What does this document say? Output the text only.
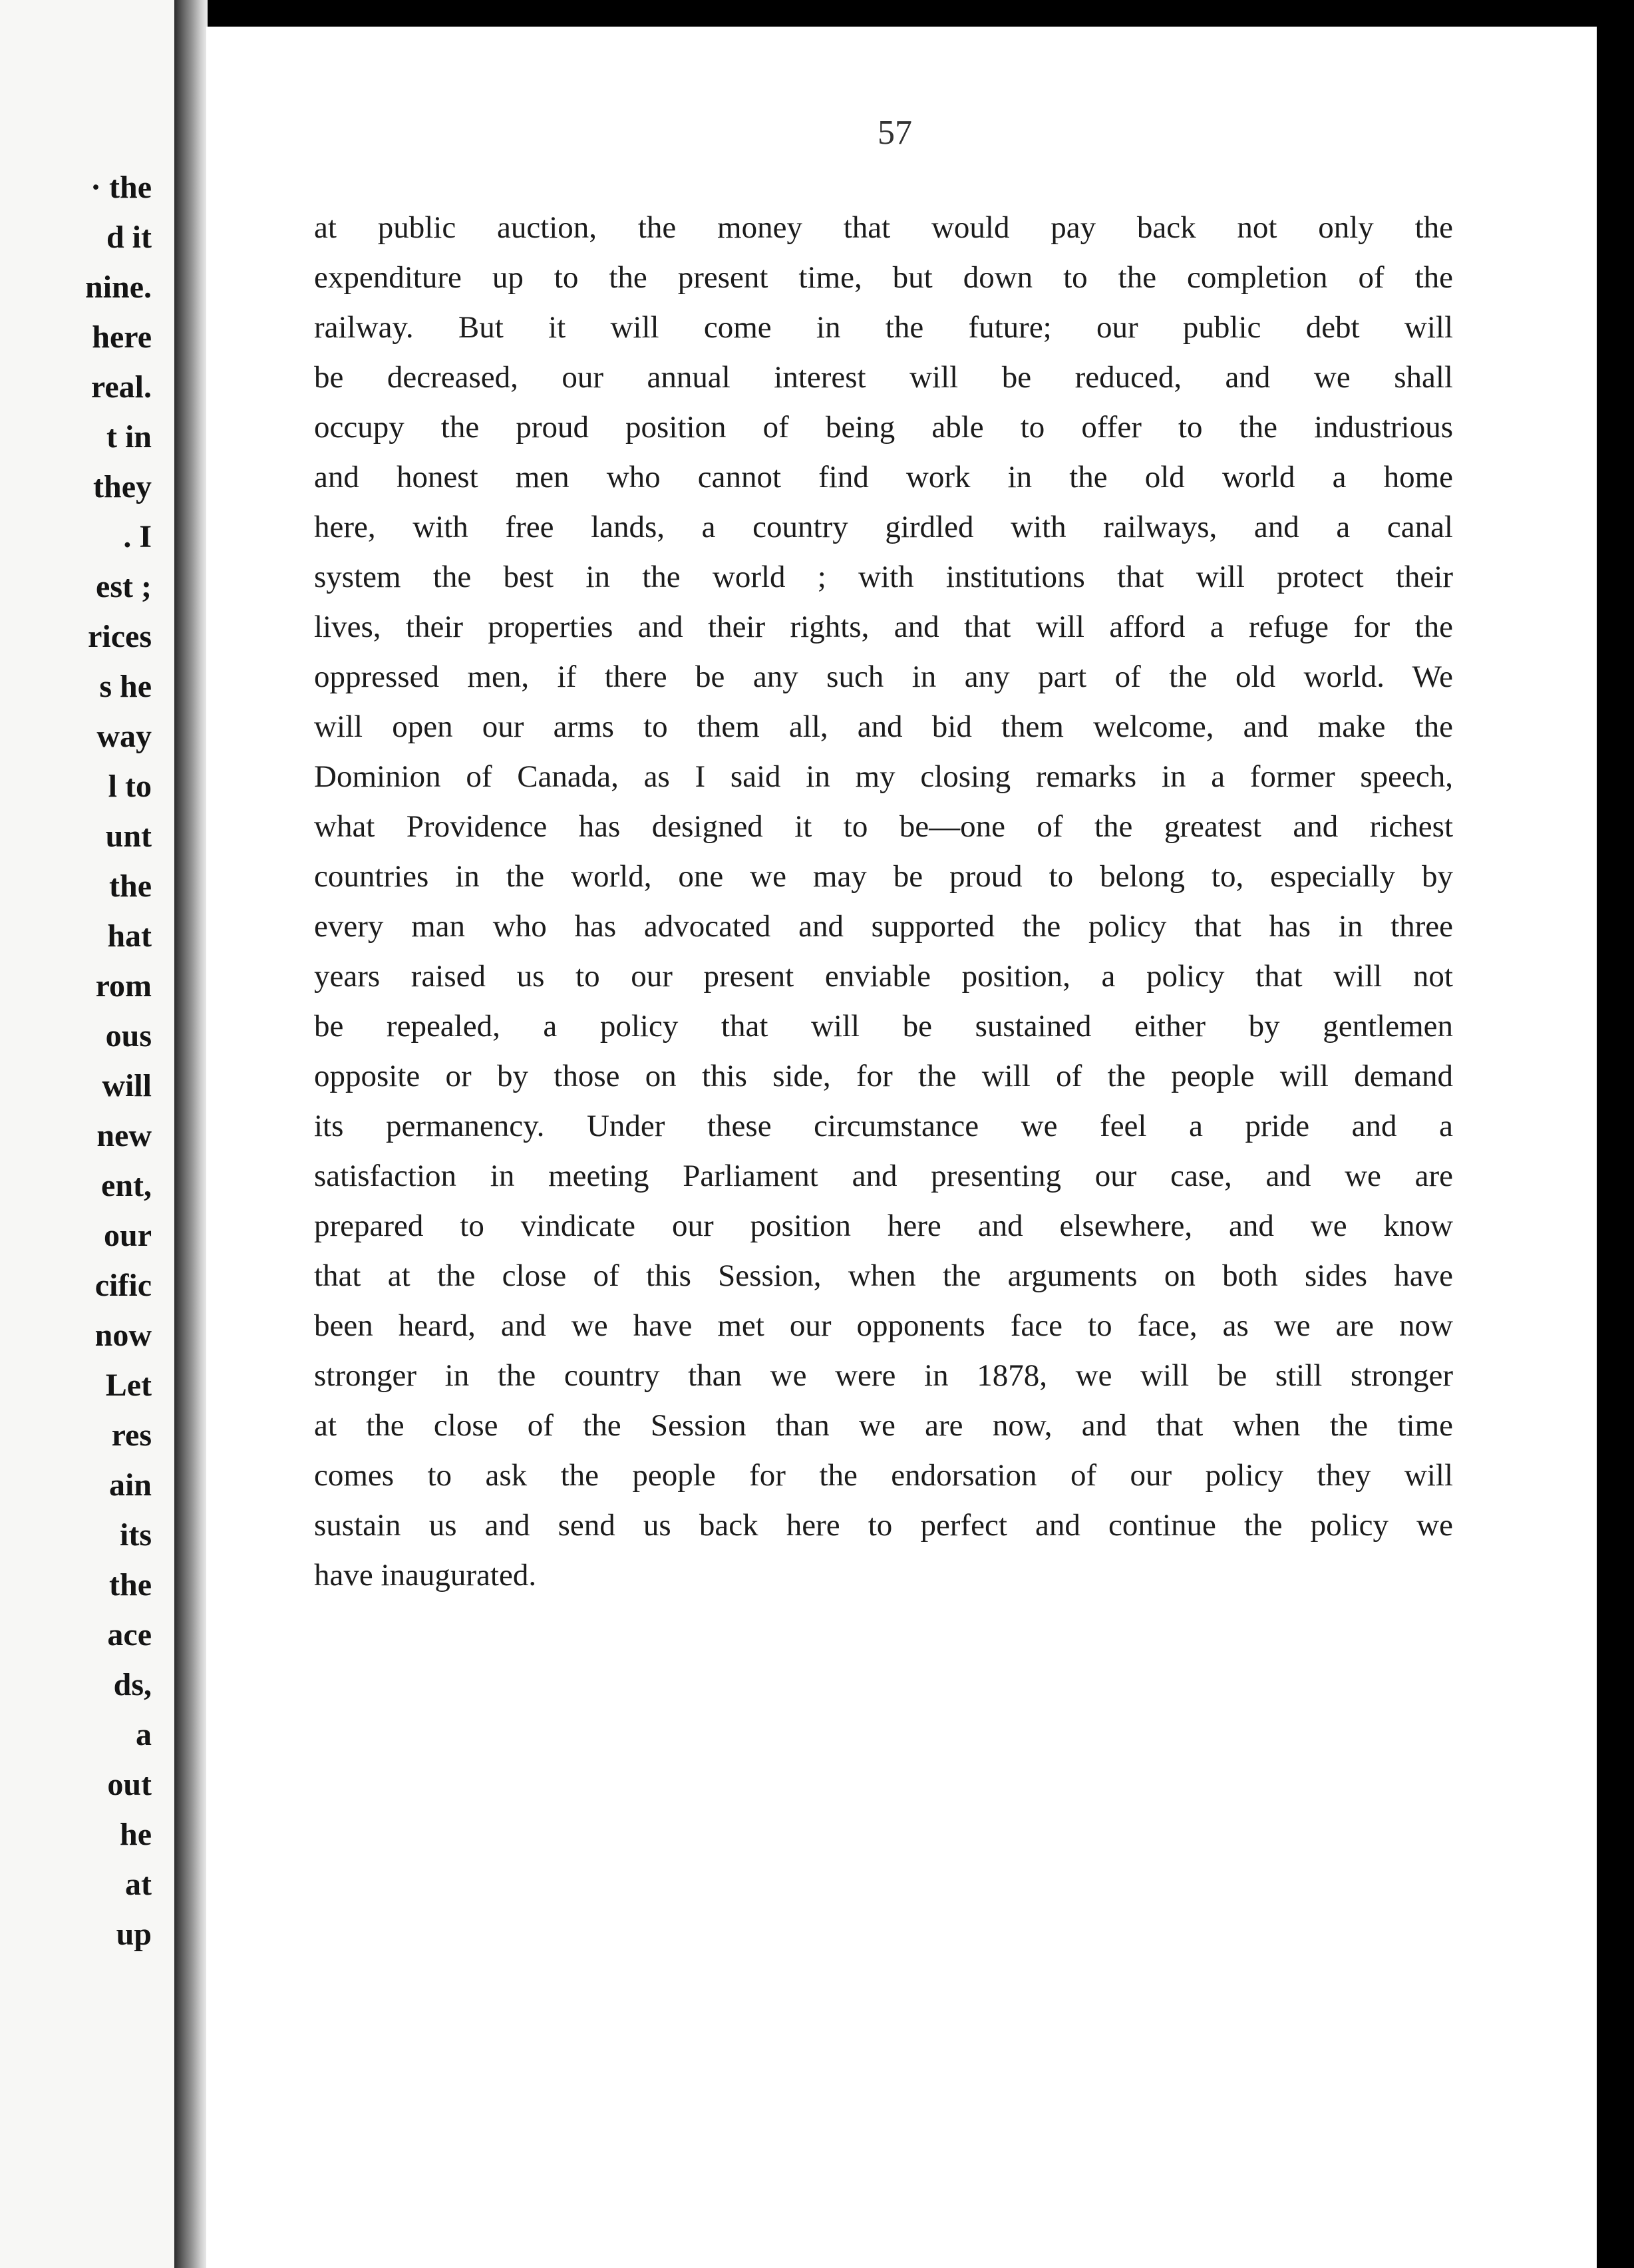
· the
d it
nine.
here
real.
t in
they
. I
est ;
rices
s he
way
l to
unt
the
hat
rom
ous
will
new
ent,
our
cific
now
Let
res
ain
its
the
ace
ds,
a
out
he
at
up
57
at public auction, the money that would pay back not only the
expenditure up to the present time, but down to the completion of the
railway. But it will come in the future; our public debt will
be decreased, our annual interest will be reduced, and we shall
occupy the proud position of being able to offer to the industrious
and honest men who cannot find work in the old world a home
here, with free lands, a country girdled with railways, and a canal
system the best in the world ; with institutions that will protect their
lives, their properties and their rights, and that will afford a refuge for the
oppressed men, if there be any such in any part of the old world. We
will open our arms to them all, and bid them welcome, and make the
Dominion of Canada, as I said in my closing remarks in a former speech,
what Providence has designed it to be—one of the greatest and richest
countries in the world, one we may be proud to belong to, especially by
every man who has advocated and supported the policy that has in three
years raised us to our present enviable position, a policy that will not
be repealed, a policy that will be sustained either by gentlemen
opposite or by those on this side, for the will of the people will demand
its permanency. Under these circumstance we feel a pride and a
satisfaction in meeting Parliament and presenting our case, and we are
prepared to vindicate our position here and elsewhere, and we know
that at the close of this Session, when the arguments on both sides have
been heard, and we have met our opponents face to face, as we are now
stronger in the country than we were in 1878, we will be still stronger
at the close of the Session than we are now, and that when the time
comes to ask the people for the endorsation of our policy they will
sustain us and send us back here to perfect and continue the policy we
have inaugurated.
